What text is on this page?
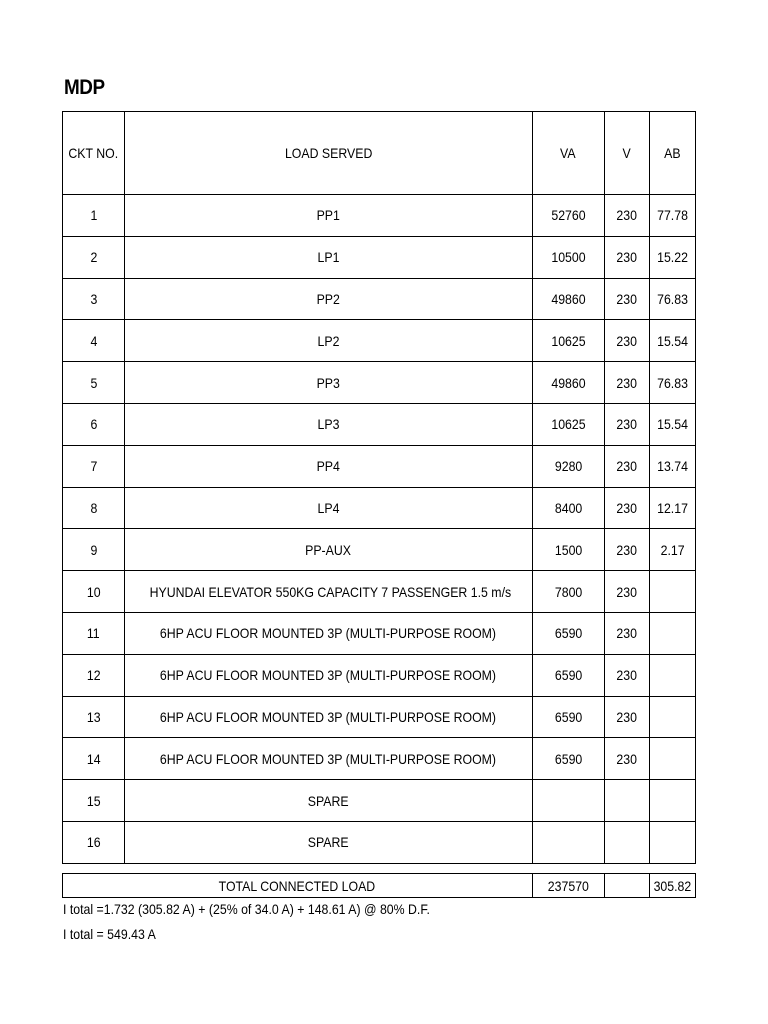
MDP
CKT NO.	LOAD SERVED	VA	V	AB
1	PP1	52760	230	77.78
2	LP1	10500	230	15.22
3	PP2	49860	230	76.83
4	LP2	10625	230	15.54
5	PP3	49860	230	76.83
6	LP3	10625	230	15.54
7	PP4	9280	230	13.74
8	LP4	8400	230	12.17
9	PP-AUX	1500	230	2.17
10	HYUNDAI ELEVATOR 550KG CAPACITY 7 PASSENGER 1.5 m/s	7800	230	
11	6HP ACU FLOOR MOUNTED 3P (MULTI-PURPOSE ROOM)	6590	230	
12	6HP ACU FLOOR MOUNTED 3P (MULTI-PURPOSE ROOM)	6590	230	
13	6HP ACU FLOOR MOUNTED 3P (MULTI-PURPOSE ROOM)	6590	230	
14	6HP ACU FLOOR MOUNTED 3P (MULTI-PURPOSE ROOM)	6590	230	
15	SPARE			
16	SPARE			
TOTAL CONNECTED LOAD	237570		305.82
I total =1.732 (305.82 A) + (25% of 34.0 A) + 148.61 A) @ 80% D.F.
I total = 549.43 A
